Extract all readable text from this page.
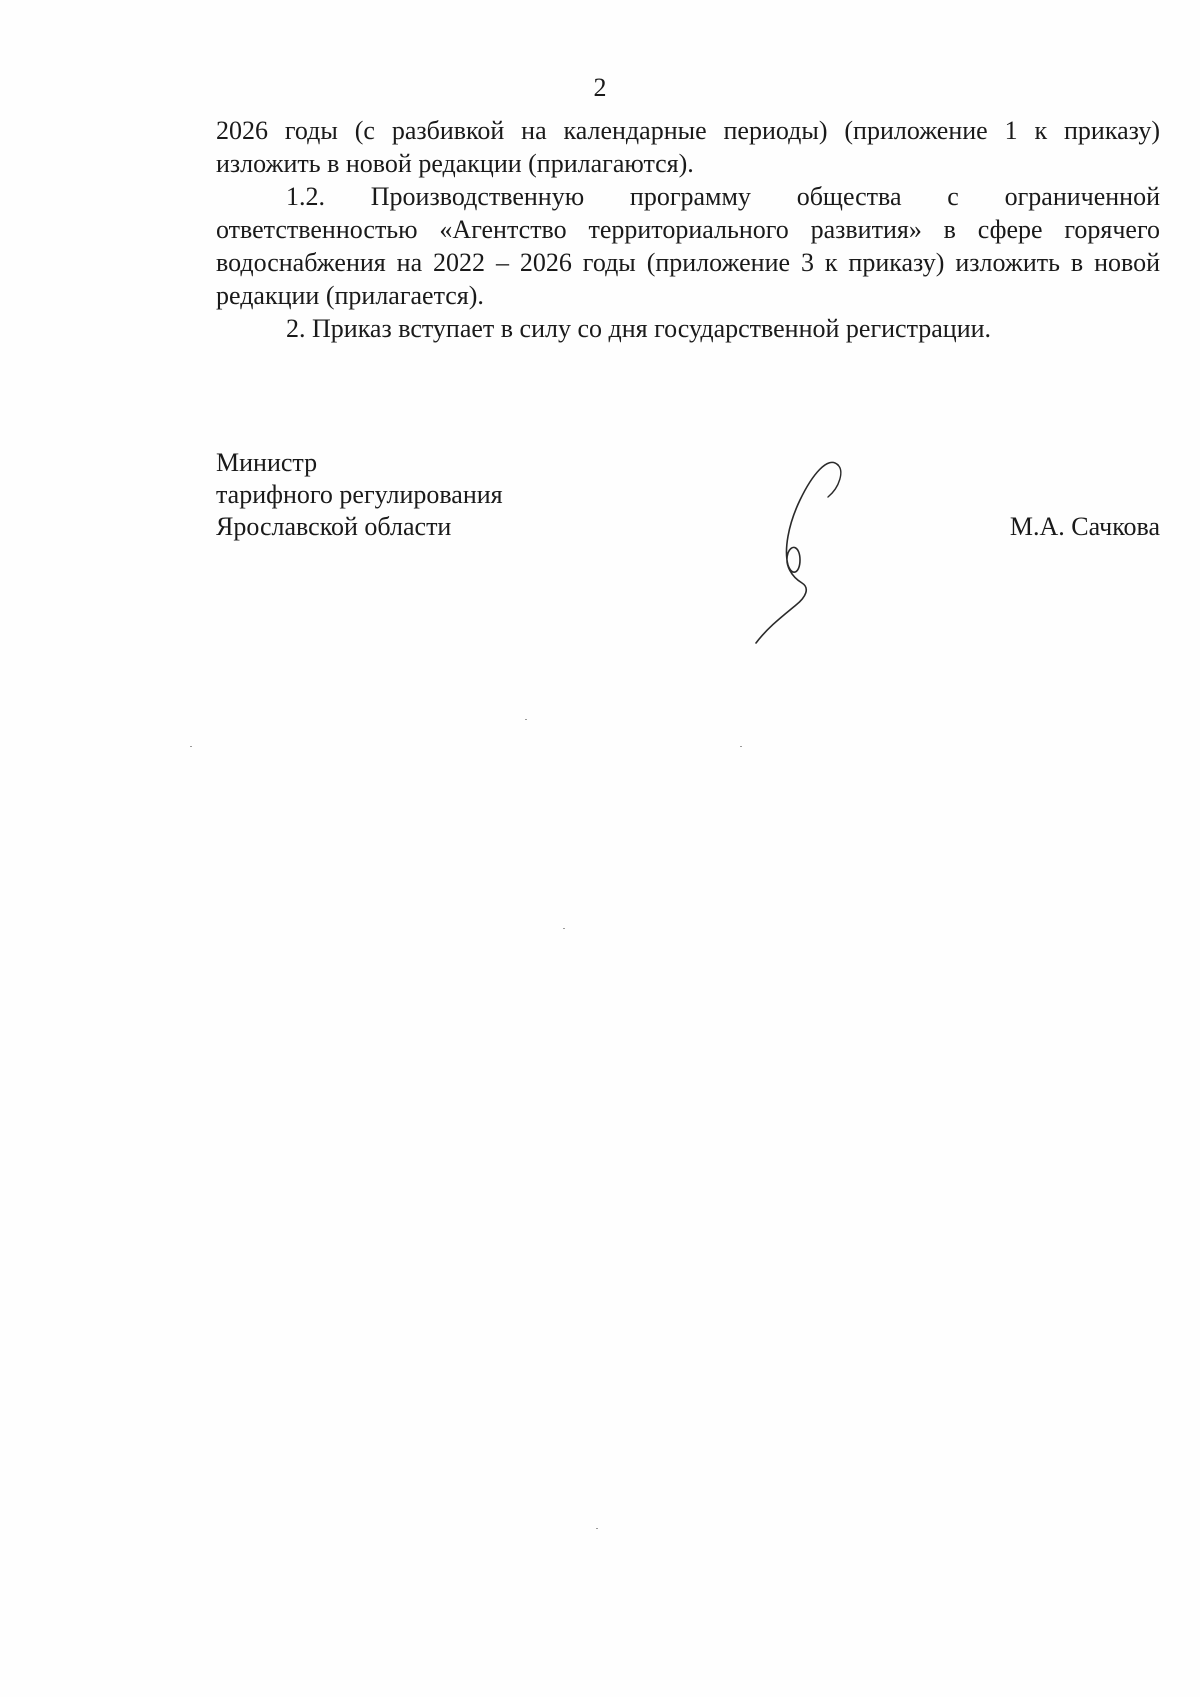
2

2026 годы (с разбивкой на календарные периоды) (приложение 1 к приказу) изложить в новой редакции (прилагаются).

1.2. Производственную программу общества с ограниченной ответственностью «Агентство территориального развития» в сфере горячего водоснабжения на 2022 – 2026 годы (приложение 3 к приказу) изложить в новой редакции (прилагается).

2. Приказ вступает в силу со дня государственной регистрации.

Министр
тарифного регулирования
Ярославской области	М.А. Сачкова
